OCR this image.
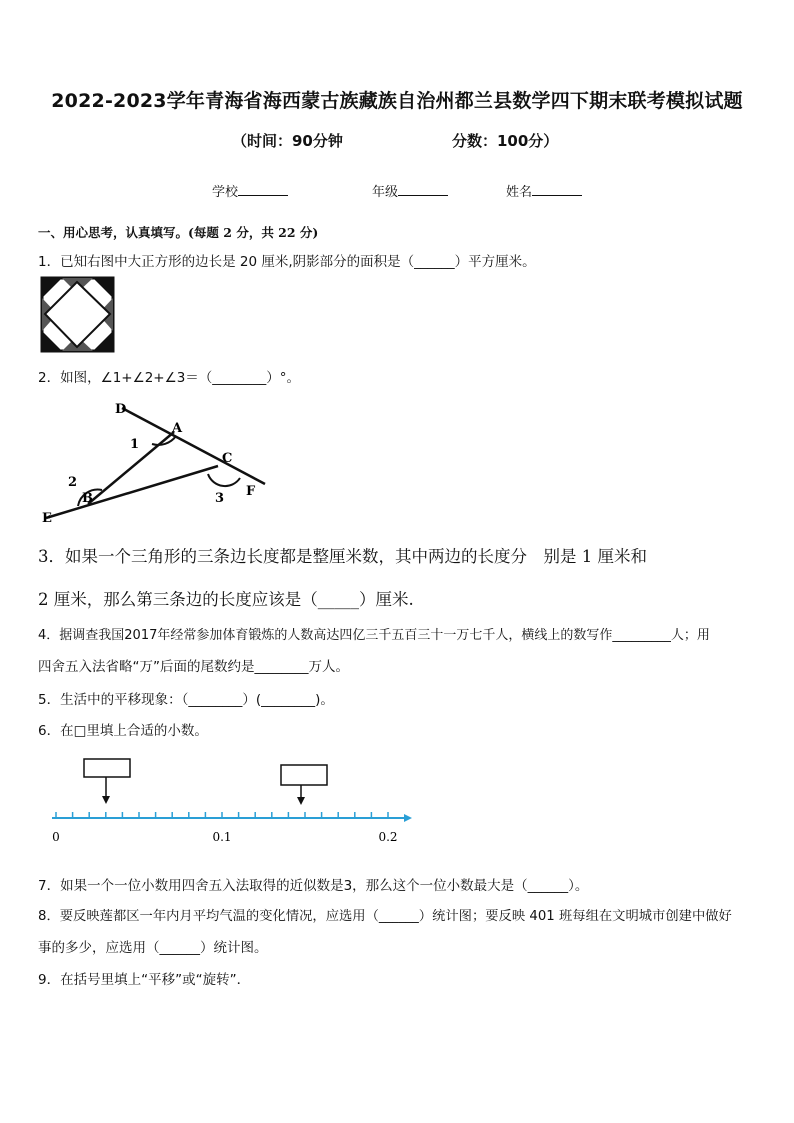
2022-2023学年青海省海西蒙古族藏族自治州都兰县数学四下期末联考模拟试题
（时间：90分钟	分数：100分）
学校	年级	姓名
一、用心思考，认真填写。(每题 2 分，共 22 分)
1．已知右图中大正方形的边长是 20 厘米,阴影部分的面积是（______）平方厘米。
2．如图，∠1+∠2+∠3＝（________）°。
D
A
C
B
E
F
1
2
3
3．如果一个三角形的三条边长度都是整厘米数，其中两边的长度分　别是 1 厘米和
2 厘米，那么第三条边的长度应该是（_____）厘米.
4．据调查我国2017年经常参加体育锻炼的人数高达四亿三千五百三十一万七千人，横线上的数写作_________人；用
四舍五入法省略“万”后面的尾数约是________万人。
5．生活中的平移现象：（________）(________)。
6．在□里填上合适的小数。
0	0.1	0.2
7．如果一个一位小数用四舍五入法取得的近似数是3，那么这个一位小数最大是（______）。
8．要反映莲都区一年内月平均气温的变化情况，应选用（______）统计图；要反映 401 班每组在文明城市创建中做好
事的多少，应选用（______）统计图。
9．在括号里填上“平移”或“旋转”．
